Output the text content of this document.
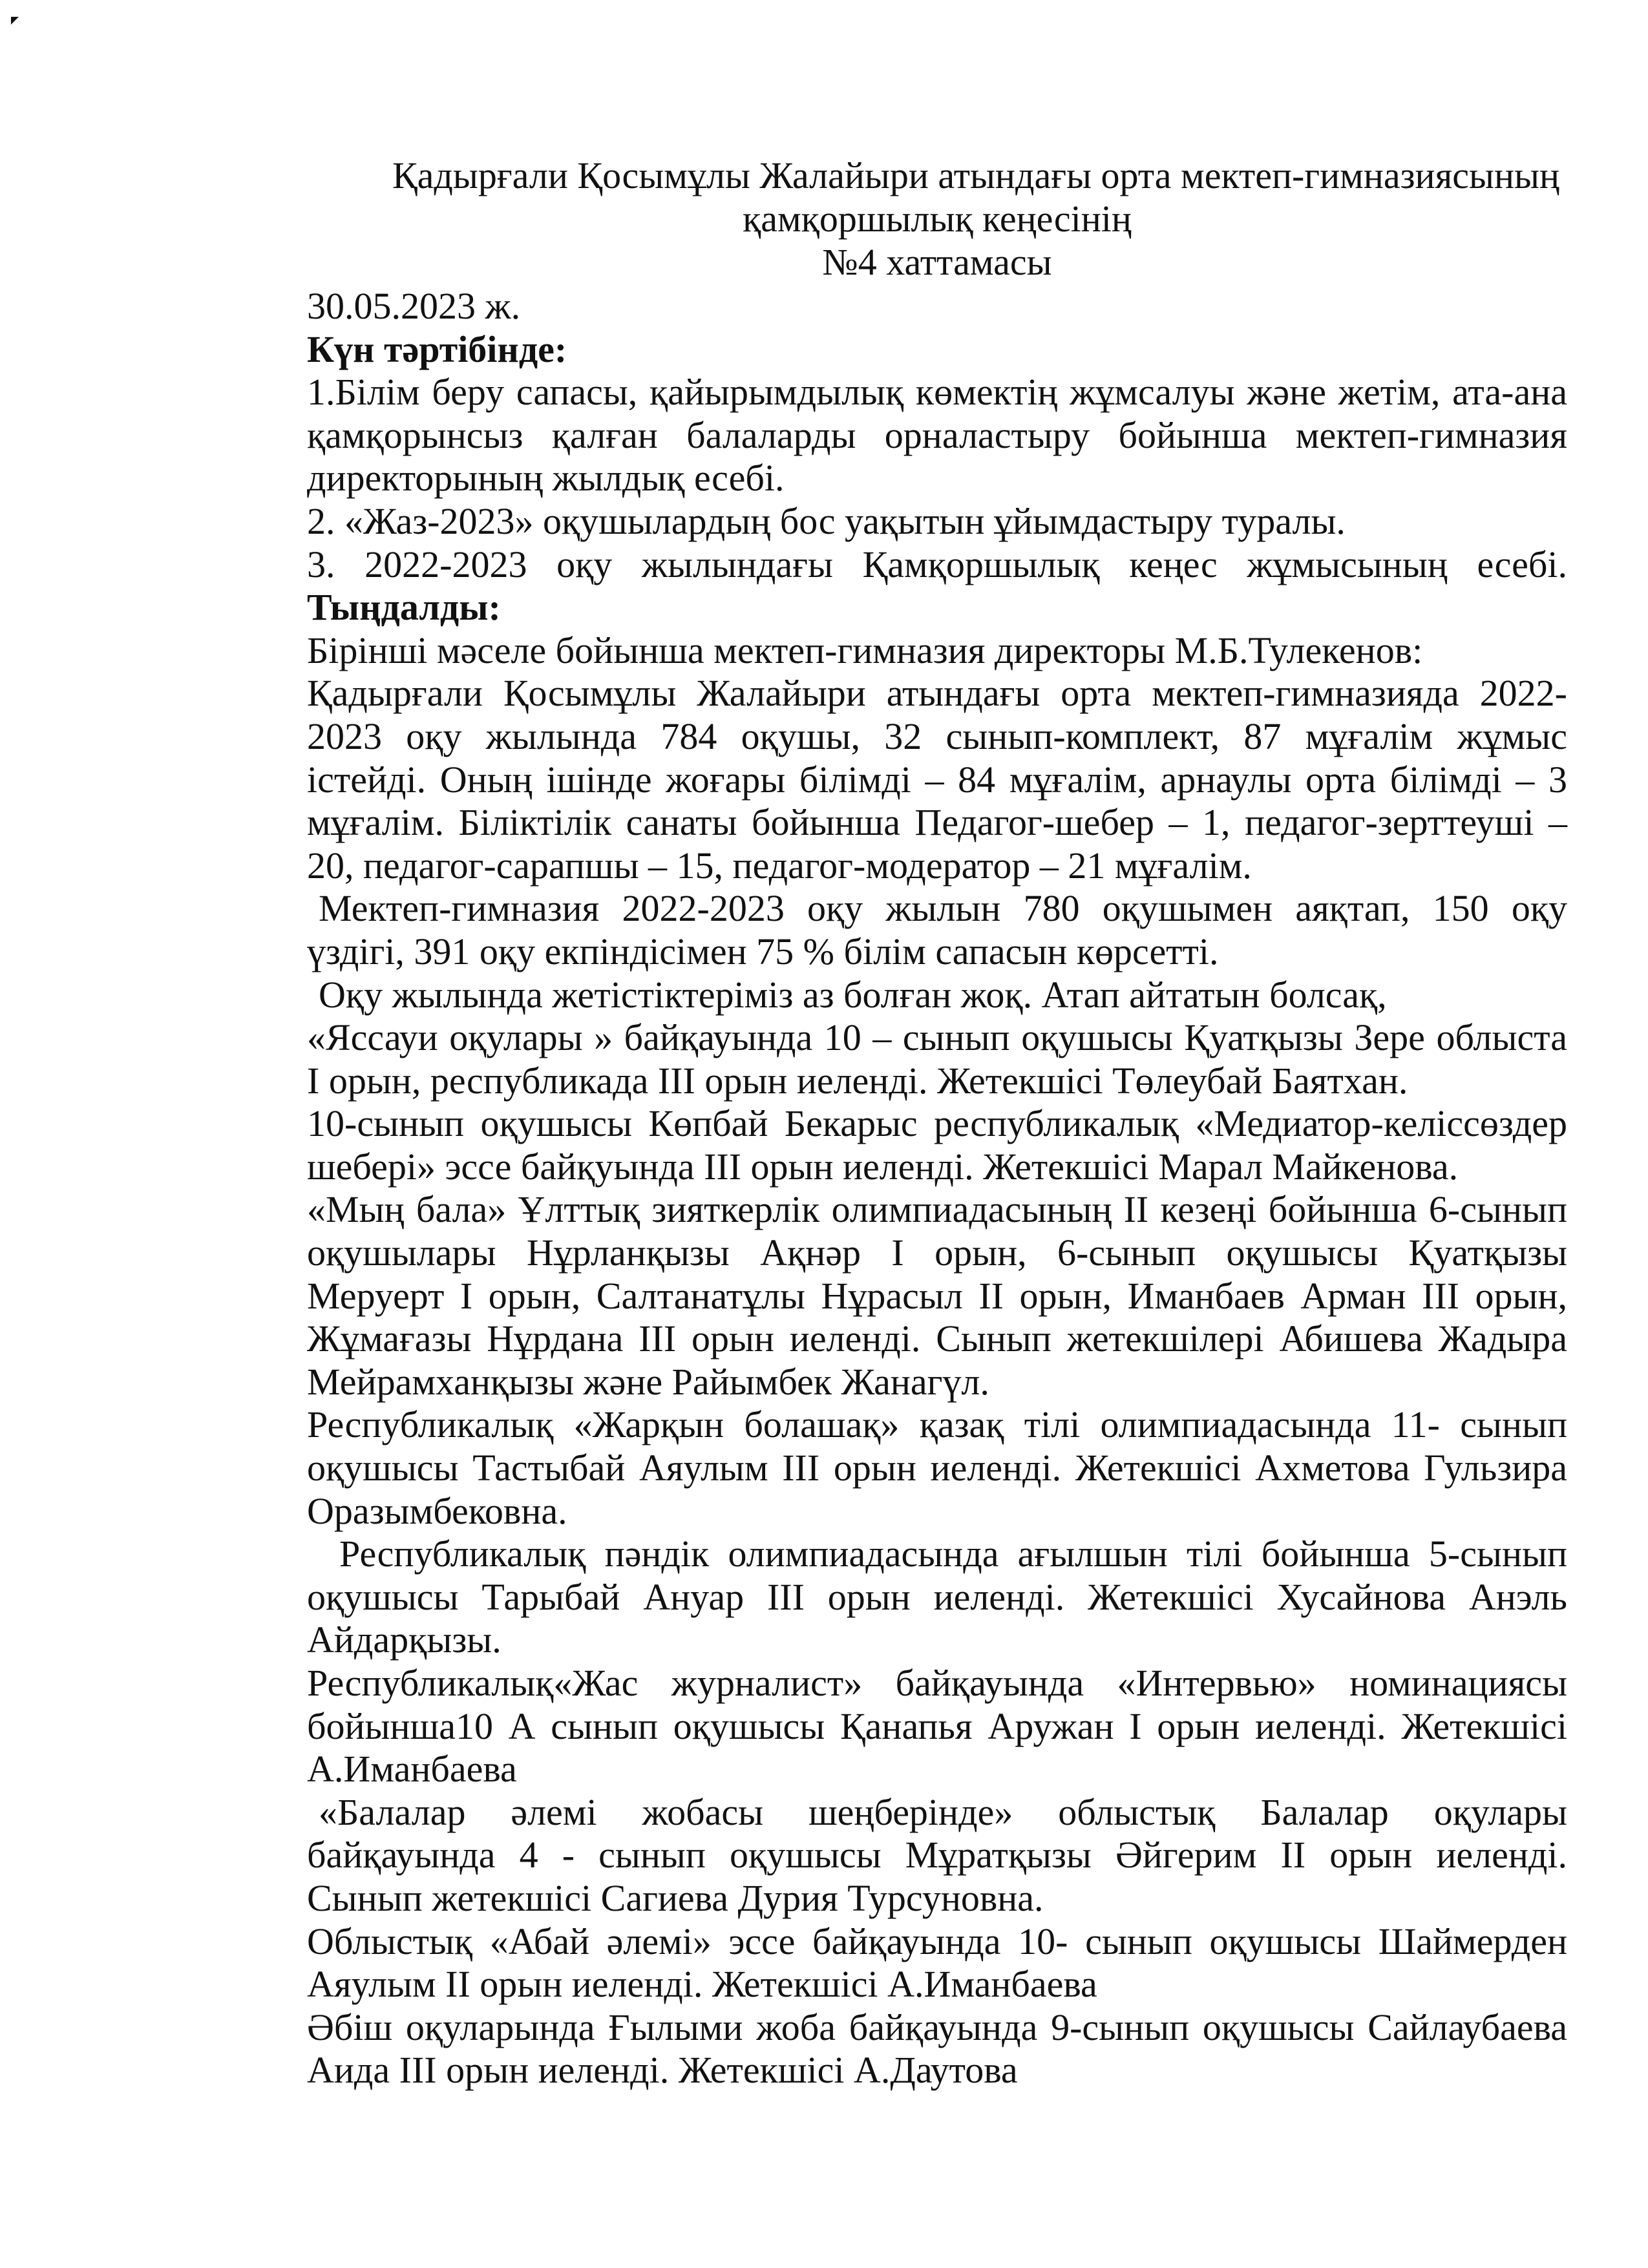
Қадырғали Қосымұлы Жалайыри атындағы орта мектеп-гимназиясының
қамқоршылық кеңесінің
№4 хаттамасы
30.05.2023 ж.
Күн тәртібінде:
1.Білім беру сапасы, қайырымдылық көмектің жұмсалуы және жетім, ата-ана
қамқорынсыз қалған балаларды орналастыру бойынша мектеп-гимназия
директорының жылдық есебі.
2. «Жаз-2023» оқушылардың бос уақытын ұйымдастыру туралы.
3. 2022-2023 оқу жылындағы Қамқоршылық кеңес жұмысының есебі.
Тыңдалды:
Бірінші мәселе бойынша мектеп-гимназия директоры М.Б.Тулекенов:
Қадырғали Қосымұлы Жалайыри атындағы орта мектеп-гимназияда 2022-
2023 оқу жылында 784 оқушы, 32 сынып-комплект, 87 мұғалім жұмыс
істейді. Оның ішінде жоғары білімді – 84 мұғалім, арнаулы орта білімді – 3
мұғалім. Біліктілік санаты бойынша Педагог-шебер – 1, педагог-зерттеуші –
20, педагог-сарапшы – 15, педагог-модератор – 21 мұғалім.
Мектеп-гимназия 2022-2023 оқу жылын 780 оқушымен аяқтап, 150 оқу
үздігі, 391 оқу екпіндісімен 75 % білім сапасын көрсетті.
Оқу жылында жетістіктеріміз аз болған жоқ. Атап айтатын болсақ,
«Яссауи оқулары » байқауында 10 – сынып оқушысы Қуатқызы Зере облыста
І орын, республикада ІІІ орын иеленді. Жетекшісі Төлеубай Баятхан.
10-сынып оқушысы Көпбай Бекарыс республикалық «Медиатор-келіссөздер
шебері» эссе байқуында ІІІ орын иеленді. Жетекшісі Марал Майкенова.
«Мың бала» Ұлттық зияткерлік олимпиадасының ІІ кезеңі бойынша 6-сынып
оқушылары Нұрланқызы Ақнәр І орын, 6-сынып оқушысы Қуатқызы
Меруерт І орын, Салтанатұлы Нұрасыл ІІ орын, Иманбаев Арман ІІІ орын,
Жұмағазы Нұрдана ІІІ орын иеленді. Сынып жетекшілері Абишева Жадыра
Мейрамханқызы және Райымбек Жанагүл.
Республикалық «Жарқын болашақ» қазақ тілі олимпиадасында 11- сынып
оқушысы Тастыбай Аяулым ІІІ орын иеленді. Жетекшісі Ахметова Гульзира
Оразымбековна.
Республикалық пәндік олимпиадасында ағылшын тілі бойынша 5-сынып
оқушысы Тарыбай Ануар ІІІ орын иеленді. Жетекшісі Хусайнова Анэль
Айдарқызы.
Республикалық«Жас журналист» байқауында «Интервью» номинациясы
бойынша10 А сынып оқушысы Қанапья Аружан І орын иеленді. Жетекшісі
А.Иманбаева
«Балалар әлемі жобасы шеңберінде» облыстық Балалар оқулары
байқауында 4 - сынып оқушысы Мұратқызы Әйгерим ІІ орын иеленді.
Сынып жетекшісі Сагиева Дурия Турсуновна.
Облыстық «Абай әлемі» эссе байқауында 10- сынып оқушысы Шаймерден
Аяулым ІІ орын иеленді. Жетекшісі А.Иманбаева
Әбіш оқуларында Ғылыми жоба байқауында 9-сынып оқушысы Сайлаубаева
Аида ІІІ орын иеленді. Жетекшісі А.Даутова
